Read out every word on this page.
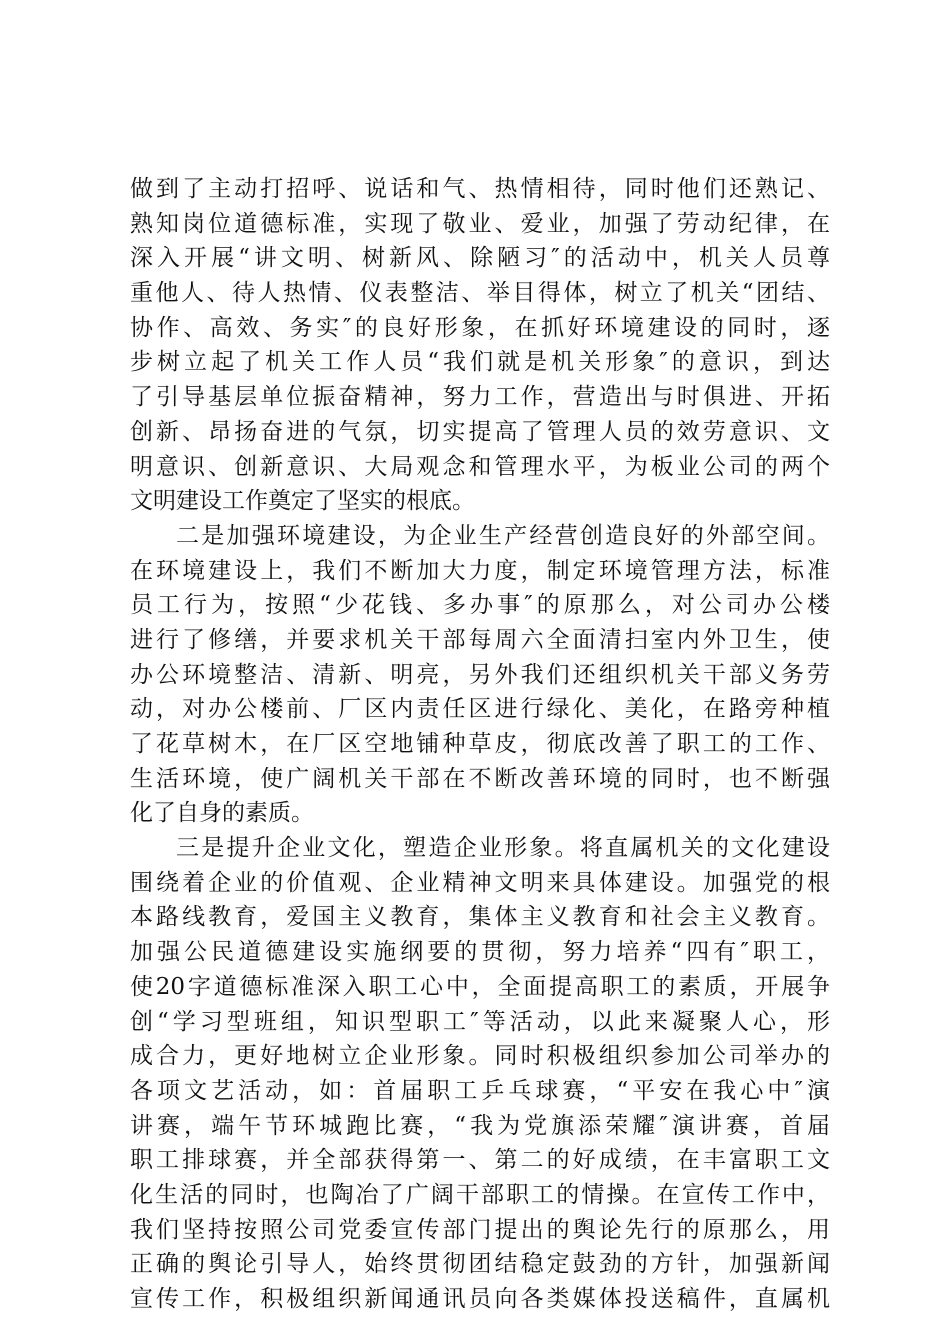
做到了主动打招呼、说话和气、热情相待，同时他们还熟记、
熟知岗位道德标准，实现了敬业、爱业，加强了劳动纪律，在
深入开展“讲文明、树新风、除陋习″的活动中，机关人员尊
重他人、待人热情、仪表整洁、举目得体，树立了机关“团结、
协作、高效、务实″的良好形象，在抓好环境建设的同时，逐
步树立起了机关工作人员“我们就是机关形象″的意识，到达
了引导基层单位振奋精神，努力工作，营造出与时俱进、开拓
创新、昂扬奋进的气氛，切实提高了管理人员的效劳意识、文
明意识、创新意识、大局观念和管理水平，为板业公司的两个
文明建设工作奠定了坚实的根底。
二是加强环境建设，为企业生产经营创造良好的外部空间。
在环境建设上，我们不断加大力度，制定环境管理方法，标准
员工行为，按照“少花钱、多办事″的原那么，对公司办公楼
进行了修缮，并要求机关干部每周六全面清扫室内外卫生，使
办公环境整洁、清新、明亮，另外我们还组织机关干部义务劳
动，对办公楼前、厂区内责任区进行绿化、美化，在路旁种植
了花草树木，在厂区空地铺种草皮，彻底改善了职工的工作、
生活环境，使广阔机关干部在不断改善环境的同时，也不断强
化了自身的素质。
三是提升企业文化，塑造企业形象。将直属机关的文化建设
围绕着企业的价值观、企业精神文明来具体建设。加强党的根
本路线教育，爱国主义教育，集体主义教育和社会主义教育。
加强公民道德建设实施纲要的贯彻，努力培养“四有″职工，
使20字道德标准深入职工心中，全面提高职工的素质，开展争
创“学习型班组，知识型职工″等活动，以此来凝聚人心，形
成合力，更好地树立企业形象。同时积极组织参加公司举办的
各项文艺活动，如：首届职工乒乓球赛，“平安在我心中″演
讲赛，端午节环城跑比赛，“我为党旗添荣耀″演讲赛，首届
职工排球赛，并全部获得第一、第二的好成绩，在丰富职工文
化生活的同时，也陶冶了广阔干部职工的情操。在宣传工作中，
我们坚持按照公司党委宣传部门提出的舆论先行的原那么，用
正确的舆论引导人，始终贯彻团结稳定鼓劲的方针，加强新闻
宣传工作，积极组织新闻通讯员向各类媒体投送稿件，直属机
